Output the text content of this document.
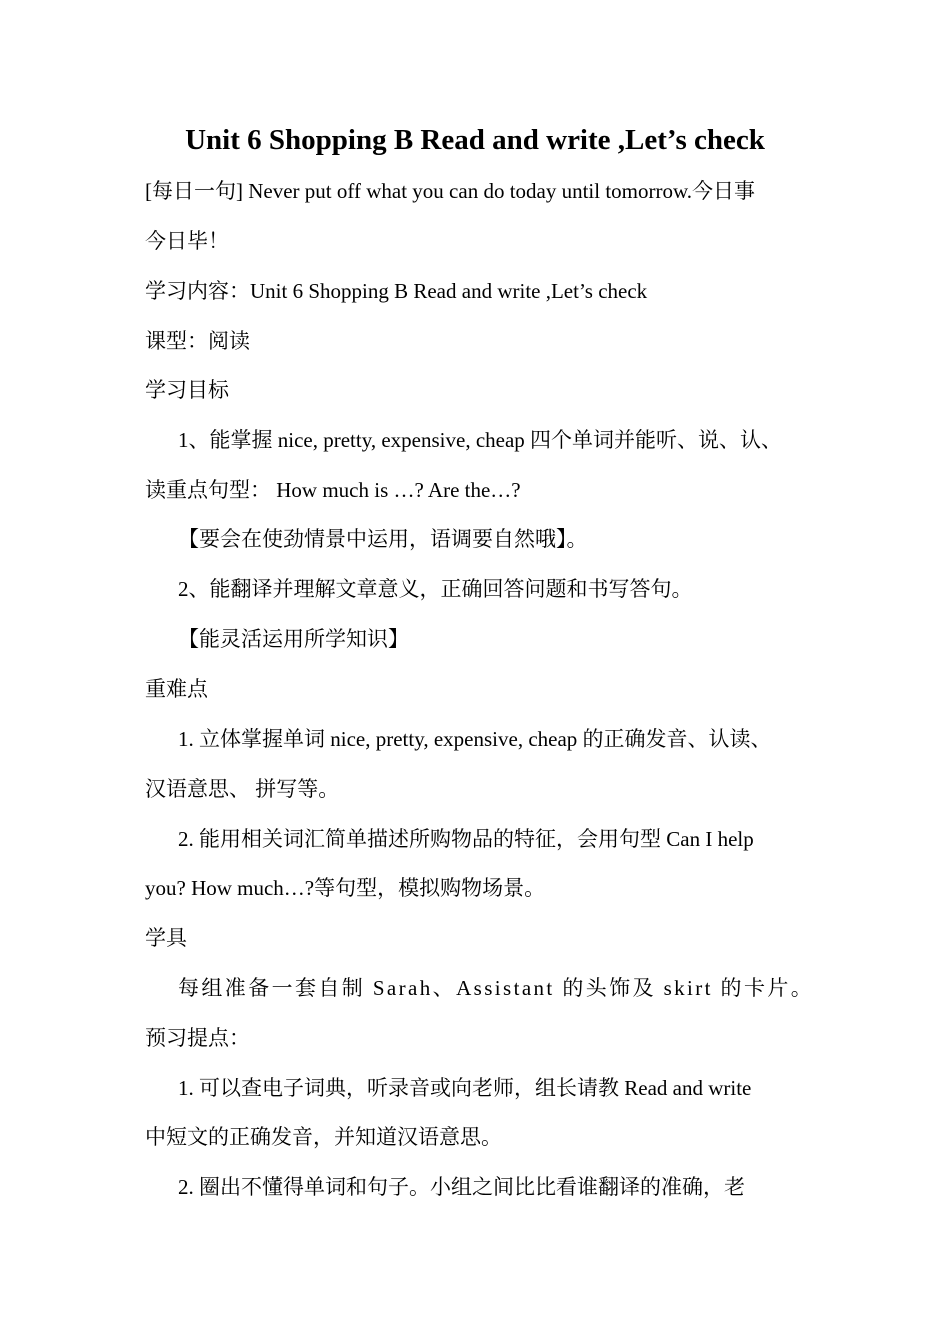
Unit 6 Shopping B Read and write ,Let’s check
[每日一句] Never put off what you can do today until tomorrow.今日事
今日毕！
学习内容：Unit 6 Shopping B Read and write ,Let’s check
课型：阅读
学习目标
1、能掌握 nice, pretty, expensive, cheap 四个单词并能听、说、认、
读重点句型： How much is …? Are the…?
【要会在使劲情景中运用，语调要自然哦】。
2、能翻译并理解文章意义，正确回答问题和书写答句。
【能灵活运用所学知识】
重难点
1. 立体掌握单词 nice, pretty, expensive, cheap 的正确发音、认读、
汉语意思、 拼写等。
2. 能用相关词汇简单描述所购物品的特征，会用句型 Can I help
you? How much…?等句型，模拟购物场景。
学具
每组准备一套自制 Sarah、Assistant 的头饰及 skirt 的卡片。
预习提点：
1. 可以查电子词典，听录音或向老师，组长请教 Read and write
中短文的正确发音，并知道汉语意思。
2. 圈出不懂得单词和句子。小组之间比比看谁翻译的准确，老
